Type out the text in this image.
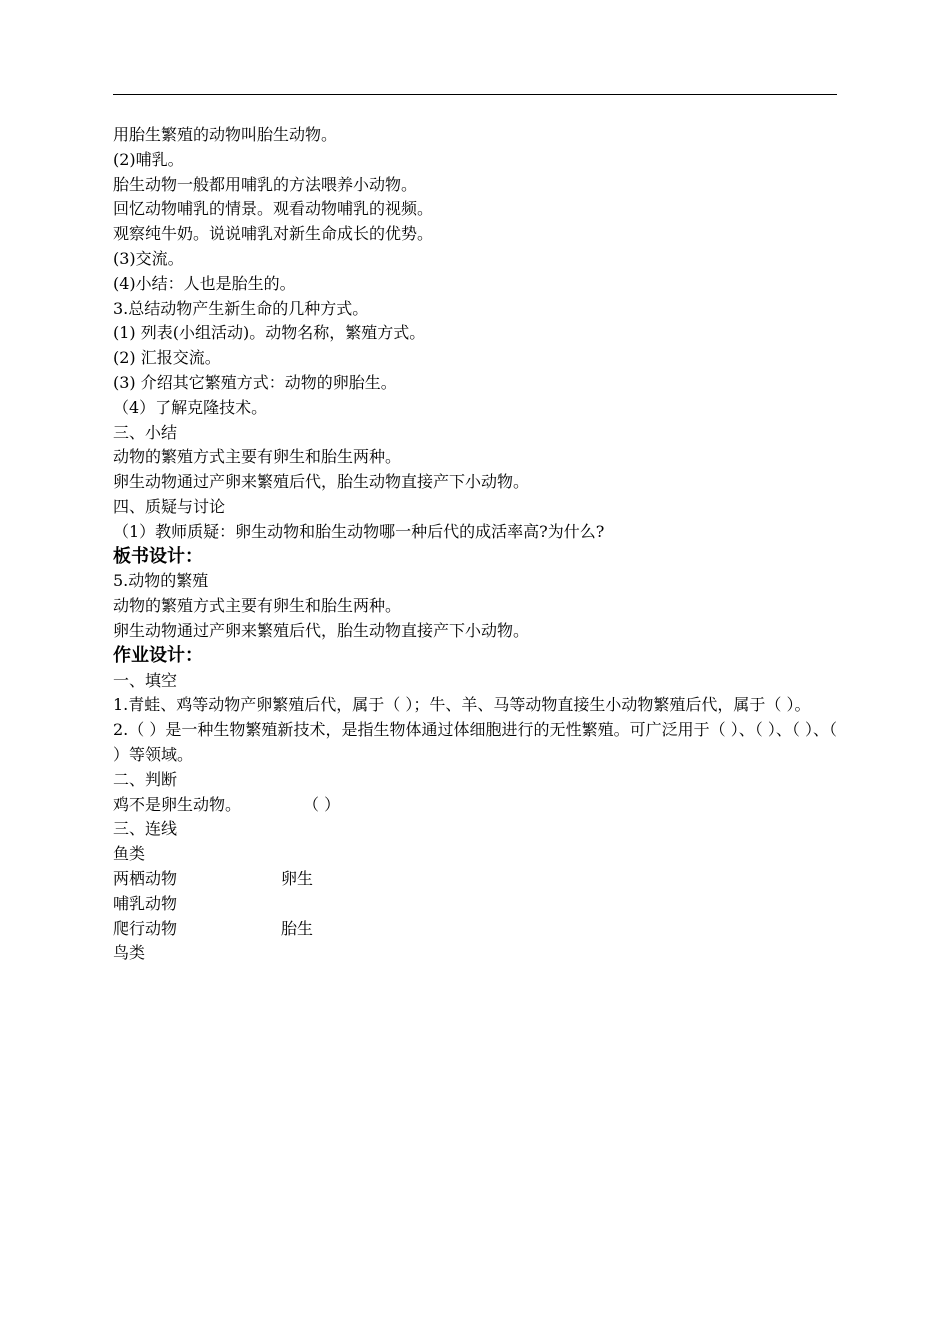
用胎生繁殖的动物叫胎生动物。

(2)哺乳。

胎生动物一般都用哺乳的方法喂养小动物。

回忆动物哺乳的情景。观看动物哺乳的视频。

观察纯牛奶。说说哺乳对新生命成长的优势。

(3)交流。

(4)小结：人也是胎生的。

3.总结动物产生新生命的几种方式。

(1) 列表(小组活动)。动物名称，繁殖方式。

(2) 汇报交流。

(3) 介绍其它繁殖方式：动物的卵胎生。

（4）了解克隆技术。

三、小结

动物的繁殖方式主要有卵生和胎生两种。

卵生动物通过产卵来繁殖后代，胎生动物直接产下小动物。

四、质疑与讨论

（1）教师质疑：卵生动物和胎生动物哪一种后代的成活率高?为什么?

板书设计：

5.动物的繁殖

动物的繁殖方式主要有卵生和胎生两种。

卵生动物通过产卵来繁殖后代，胎生动物直接产下小动物。

作业设计：

一、填空

1.青蛙、鸡等动物产卵繁殖后代，属于（ ）；牛、羊、马等动物直接生小动物繁殖后代，属于（ ）。

2.（ ）是一种生物繁殖新技术，是指生物体通过体细胞进行的无性繁殖。可广泛用于（ ）、（ ）、（ ）、（ ）等领域。

二、判断

鸡不是卵生动物。	（ ）

三、连线

鱼类

两栖动物	卵生

哺乳动物

爬行动物	胎生

鸟类
